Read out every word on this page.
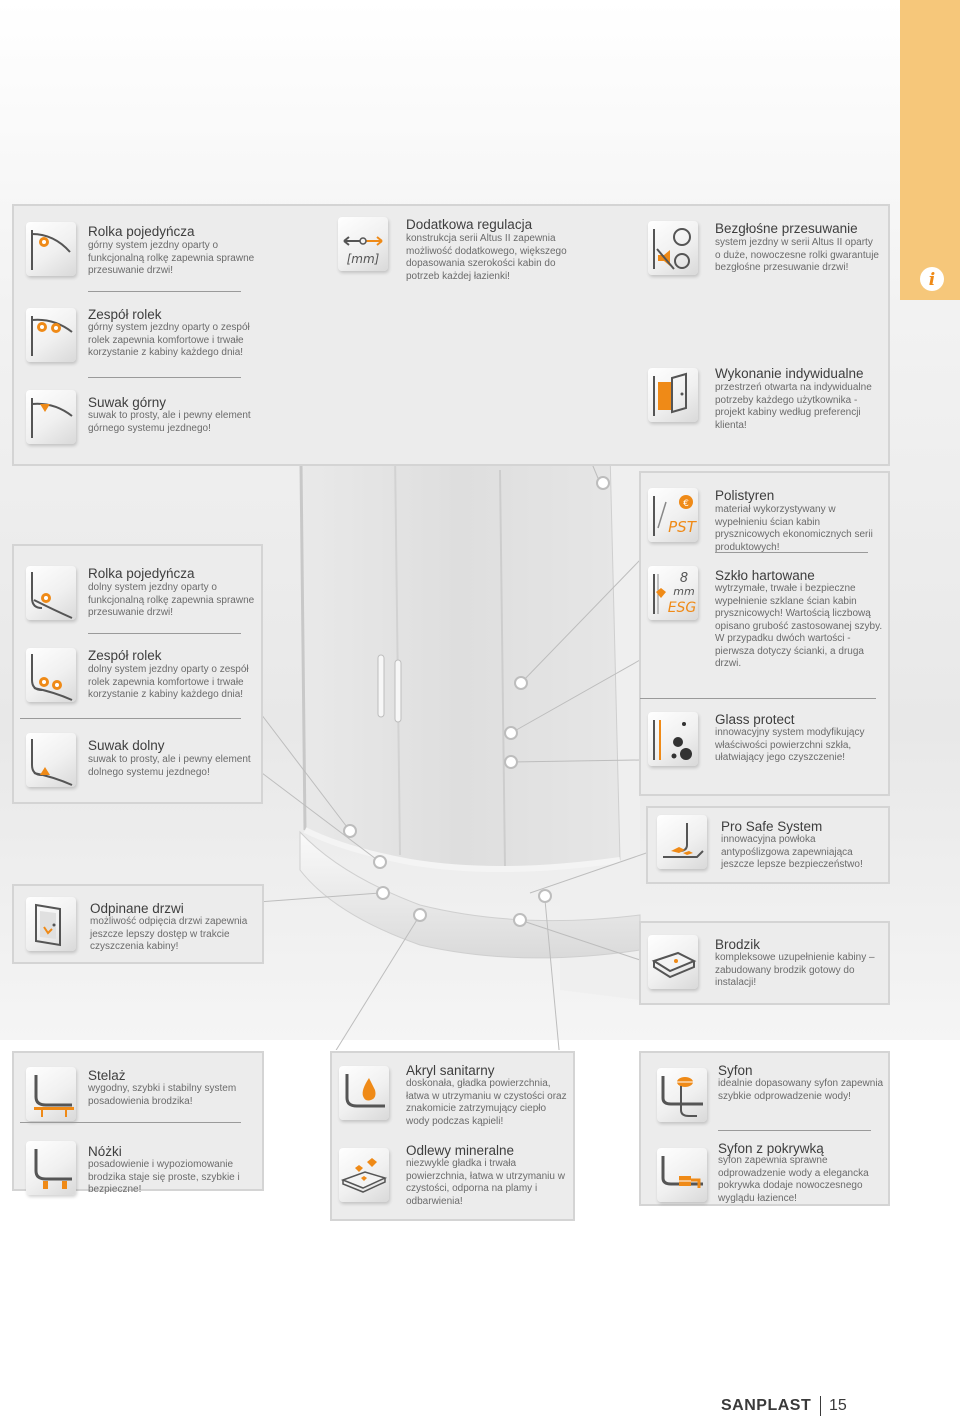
i
Rolka pojedyńcza
górny system jezdny oparty o funkcjonalną rolkę zapewnia sprawne przesuwanie drzwi!
[mm]
Dodatkowa regulacja
konstrukcja serii Altus II zapewnia możliwość dodatkowego, większego dopasowania szerokości kabin do potrzeb każdej łazienki!
Bezgłośne przesuwanie
system jezdny w serii Altus II oparty o duże, nowoczesne rolki gwarantuje bezgłośne przesuwanie drzwi!
Zespół rolek
górny system jezdny oparty o zespół rolek zapewnia komfortowe i trwałe korzystanie z kabiny każdego dnia!
Suwak górny
suwak to prosty, ale i pewny element górnego systemu jezdnego!
Wykonanie indywidualne
przestrzeń otwarta na indywidualne potrzeby każdego użytkownika - projekt kabiny według preferencji klienta!
€
PST
Polistyren
materiał wykorzystywany w wypełnieniu ścian kabin prysznicowych ekonomicznych serii produktowych!
8
mm
ESG
Szkło hartowane
wytrzymałe, trwałe i bezpieczne wypełnienie szklane ścian kabin prysznicowych! Wartością liczbową opisano grubość zastosowanej szyby. W przypadku dwóch wartości - pierwsza dotyczy ścianki, a druga drzwi.
Glass protect
innowacyjny system modyfikujący właściwości powierzchni szkła, ułatwiający jego czyszczenie!
Rolka pojedyńcza
dolny system jezdny oparty o funkcjonalną rolkę zapewnia sprawne przesuwanie drzwi!
Zespół rolek
dolny system jezdny oparty o zespół rolek zapewnia komfortowe i trwałe korzystanie z kabiny każdego dnia!
Suwak dolny
suwak to prosty, ale i pewny element dolnego systemu jezdnego!
Pro Safe System
innowacyjna powłoka antypoślizgowa zapewniająca jeszcze lepsze bezpieczeństwo!
Odpinane drzwi
możliwość odpięcia drzwi zapewnia jeszcze lepszy dostęp w trakcie czyszczenia kabiny!	Brodzik
kompleksowe uzupełnienie kabiny – zabudowany brodzik gotowy do instalacji!
Stelaż
wygodny, szybki i stabilny system posadowienia brodzika!
Nóżki
posadowienie i wypoziomowanie brodzika staje się proste, szybkie i bezpieczne!
Akryl sanitarny
doskonała, gładka powierzchnia, łatwa w utrzymaniu w czystości oraz znakomicie zatrzymujący ciepło wody podczas kąpieli!
Odlewy mineralne
niezwykle gładka i trwała powierzchnia, łatwa w utrzymaniu w czystości, odporna na plamy i odbarwienia!
Syfon
idealnie dopasowany syfon zapewnia szybkie odprowadzenie wody!
Syfon z pokrywką
syfon zapewnia sprawne odprowadzenie wody a elegancka pokrywka dodaje nowoczesnego wyglądu łazience!
SANPLAST 15
